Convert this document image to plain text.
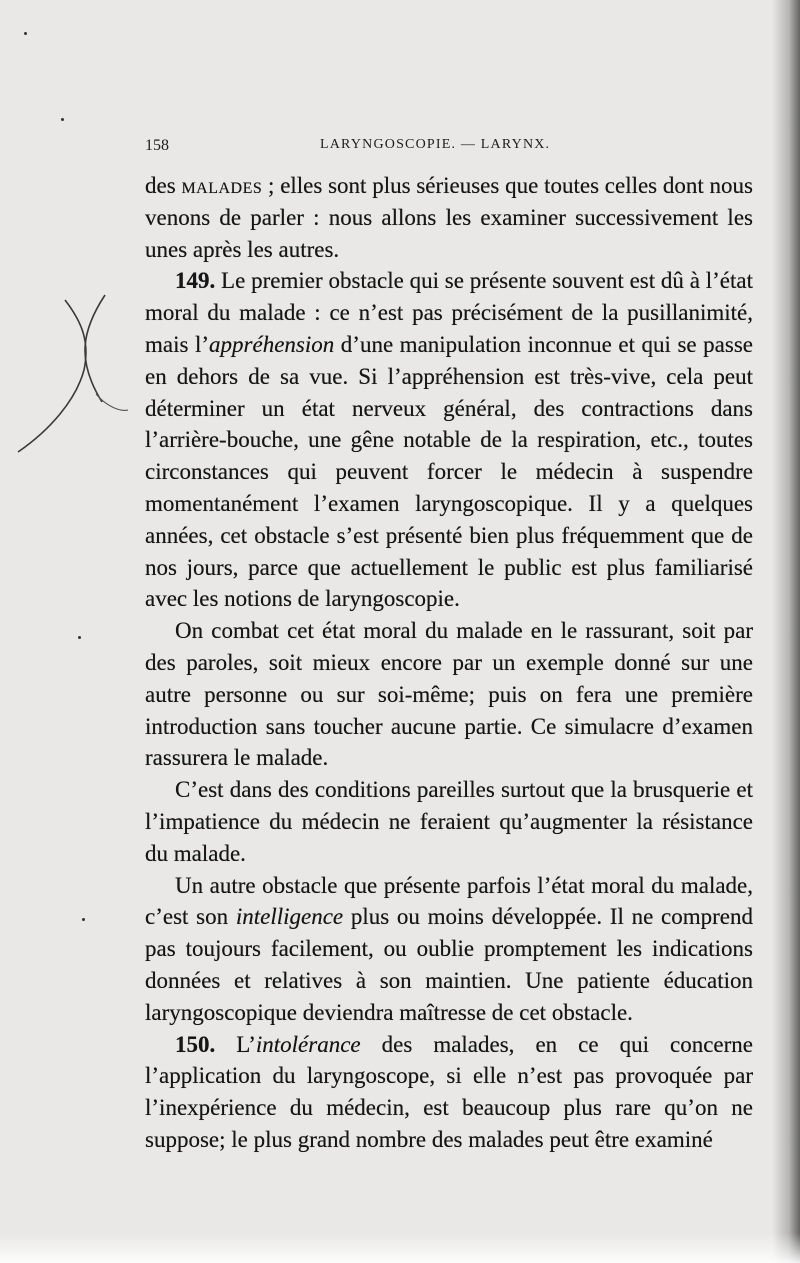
158	LARYNGOSCOPIE. — LARYNX.

des malades ; elles sont plus sérieuses que toutes celles dont nous venons de parler : nous allons les examiner successivement les unes après les autres.

149. Le premier obstacle qui se présente souvent est dû à l’état moral du malade : ce n’est pas précisément de la pusillanimité, mais l’appréhension d’une manipulation inconnue et qui se passe en dehors de sa vue. Si l’appréhension est très-vive, cela peut déterminer un état nerveux général, des contractions dans l’arrière-bouche, une gêne notable de la respiration, etc., toutes circonstances qui peuvent forcer le médecin à suspendre momentanément l’examen laryngoscopique. Il y a quelques années, cet obstacle s’est présenté bien plus fréquemment que de nos jours, parce que actuellement le public est plus familiarisé avec les notions de laryngoscopie.

On combat cet état moral du malade en le rassurant, soit par des paroles, soit mieux encore par un exemple donné sur une autre personne ou sur soi-même; puis on fera une première introduction sans toucher aucune partie. Ce simulacre d’examen rassurera le malade.

C’est dans des conditions pareilles surtout que la brusquerie et l’impatience du médecin ne feraient qu’augmenter la résistance du malade.

Un autre obstacle que présente parfois l’état moral du malade, c’est son intelligence plus ou moins développée. Il ne comprend pas toujours facilement, ou oublie promptement les indications données et relatives à son maintien. Une patiente éducation laryngoscopique deviendra maîtresse de cet obstacle.

150. L’intolérance des malades, en ce qui concerne l’application du laryngoscope, si elle n’est pas provoquée par l’inexpérience du médecin, est beaucoup plus rare qu’on ne suppose; le plus grand nombre des malades peut être examiné
